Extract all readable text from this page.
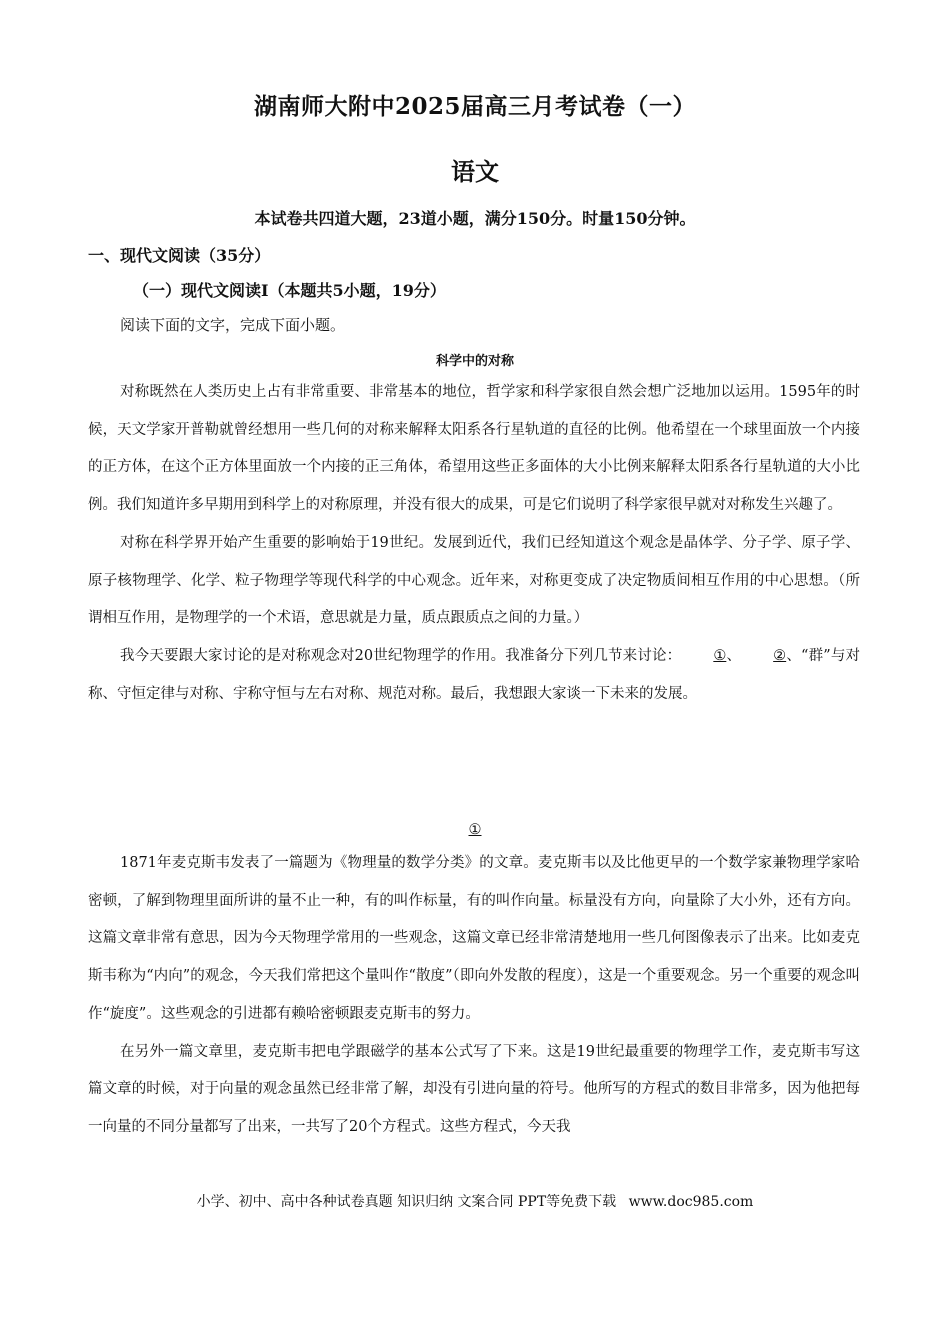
湖南师大附中2025届高三月考试卷（一）
语文
本试卷共四道大题，23道小题，满分150分。时量150分钟。
一、现代文阅读（35分）
（一）现代文阅读Ⅰ（本题共5小题，19分）
阅读下面的文字，完成下面小题。
科学中的对称

对称既然在人类历史上占有非常重要、非常基本的地位，哲学家和科学家很自然会想广泛地加以运用。1595年的时候，天文学家开普勒就曾经想用一些几何的对称来解释太阳系各行星轨道的直径的比例。他希望在一个球里面放一个内接的正方体，在这个正方体里面放一个内接的正三角体，希望用这些正多面体的大小比例来解释太阳系各行星轨道的大小比例。我们知道许多早期用到科学上的对称原理，并没有很大的成果，可是它们说明了科学家很早就对对称发生兴趣了。

对称在科学界开始产生重要的影响始于19世纪。发展到近代，我们已经知道这个观念是晶体学、分子学、原子学、原子核物理学、化学、粒子物理学等现代科学的中心观念。近年来，对称更变成了决定物质间相互作用的中心思想。（所谓相互作用，是物理学的一个术语，意思就是力量，质点跟质点之间的力量。）

我今天要跟大家讨论的是对称观念对20世纪物理学的作用。我准备分下列几节来讨论： ①、 ②、“群”与对称、守恒定律与对称、宇称守恒与左右对称、规范对称。最后，我想跟大家谈一下未来的发展。

①

1871年麦克斯韦发表了一篇题为《物理量的数学分类》的文章。麦克斯韦以及比他更早的一个数学家兼物理学家哈密顿，了解到物理里面所讲的量不止一种，有的叫作标量，有的叫作向量。标量没有方向，向量除了大小外，还有方向。这篇文章非常有意思，因为今天物理学常用的一些观念，这篇文章已经非常清楚地用一些几何图像表示了出来。比如麦克斯韦称为“内向”的观念，今天我们常把这个量叫作“散度”（即向外发散的程度），这是一个重要观念。另一个重要的观念叫作“旋度”。这些观念的引进都有赖哈密顿跟麦克斯韦的努力。

在另外一篇文章里，麦克斯韦把电学跟磁学的基本公式写了下来。这是19世纪最重要的物理学工作，麦克斯韦写这篇文章的时候，对于向量的观念虽然已经非常了解，却没有引进向量的符号。他所写的方程式的数目非常多，因为他把每一向量的不同分量都写了出来，一共写了20个方程式。这些方程式，今天我

小学、初中、高中各种试卷真题 知识归纳 文案合同 PPT等免费下载 www.doc985.com
